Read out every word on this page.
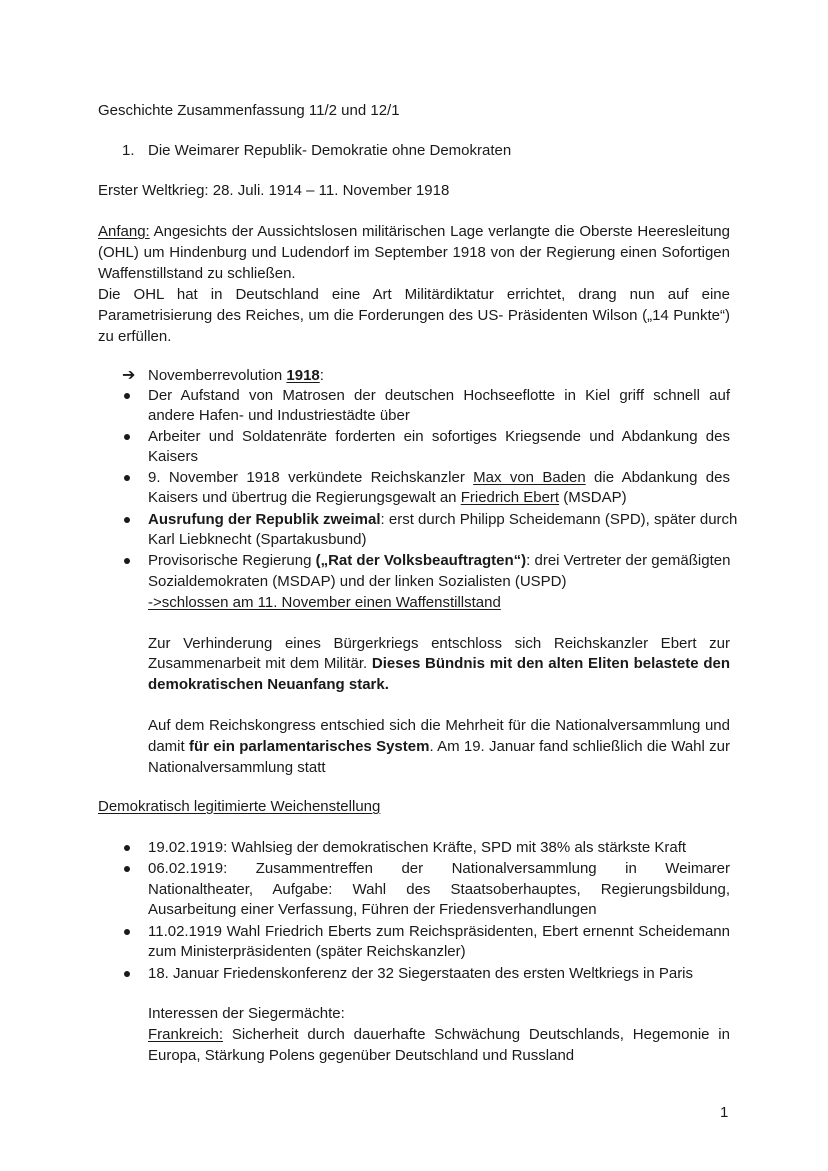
Geschichte Zusammenfassung 11/2 und 12/1
1. Die Weimarer Republik- Demokratie ohne Demokraten
Erster Weltkrieg: 28. Juli. 1914 – 11. November 1918
Anfang: Angesichts der Aussichtslosen militärischen Lage verlangte die Oberste Heeresleitung
(OHL) um Hindenburg und Ludendorf im September 1918 von der Regierung einen Sofortigen
Waffenstillstand zu schließen.
Die OHL hat in Deutschland eine Art Militärdiktatur errichtet, drang nun auf eine
Parametrisierung des Reiches, um die Forderungen des US- Präsidenten Wilson („14 Punkte“)
zu erfüllen.
➔ Novemberrevolution 1918:
Der Aufstand von Matrosen der deutschen Hochseeflotte in Kiel griff schnell auf
andere Hafen- und Industriestädte über
Arbeiter und Soldatenräte forderten ein sofortiges Kriegsende und Abdankung des
Kaisers
9. November 1918 verkündete Reichskanzler Max von Baden die Abdankung des
Kaisers und übertrug die Regierungsgewalt an Friedrich Ebert (MSDAP)
Ausrufung der Republik zweimal: erst durch Philipp Scheidemann (SPD), später durch
Karl Liebknecht (Spartakusbund)
Provisorische Regierung („Rat der Volksbeauftragten“): drei Vertreter der gemäßigten
Sozialdemokraten (MSDAP) und der linken Sozialisten (USPD)
->schlossen am 11. November einen Waffenstillstand
Zur Verhinderung eines Bürgerkriegs entschloss sich Reichskanzler Ebert zur
Zusammenarbeit mit dem Militär. Dieses Bündnis mit den alten Eliten belastete den
demokratischen Neuanfang stark.
Auf dem Reichskongress entschied sich die Mehrheit für die Nationalversammlung und
damit für ein parlamentarisches System. Am 19. Januar fand schließlich die Wahl zur
Nationalversammlung statt
Demokratisch legitimierte Weichenstellung
19.02.1919: Wahlsieg der demokratischen Kräfte, SPD mit 38% als stärkste Kraft
06.02.1919: Zusammentreffen der Nationalversammlung in Weimarer
Nationaltheater, Aufgabe: Wahl des Staatsoberhauptes, Regierungsbildung,
Ausarbeitung einer Verfassung, Führen der Friedensverhandlungen
11.02.1919 Wahl Friedrich Eberts zum Reichspräsidenten, Ebert ernennt Scheidemann
zum Ministerpräsidenten (später Reichskanzler)
18. Januar Friedenskonferenz der 32 Siegerstaaten des ersten Weltkriegs in Paris
Interessen der Siegermächte:
Frankreich: Sicherheit durch dauerhafte Schwächung Deutschlands, Hegemonie in
Europa, Stärkung Polens gegenüber Deutschland und Russland
1
